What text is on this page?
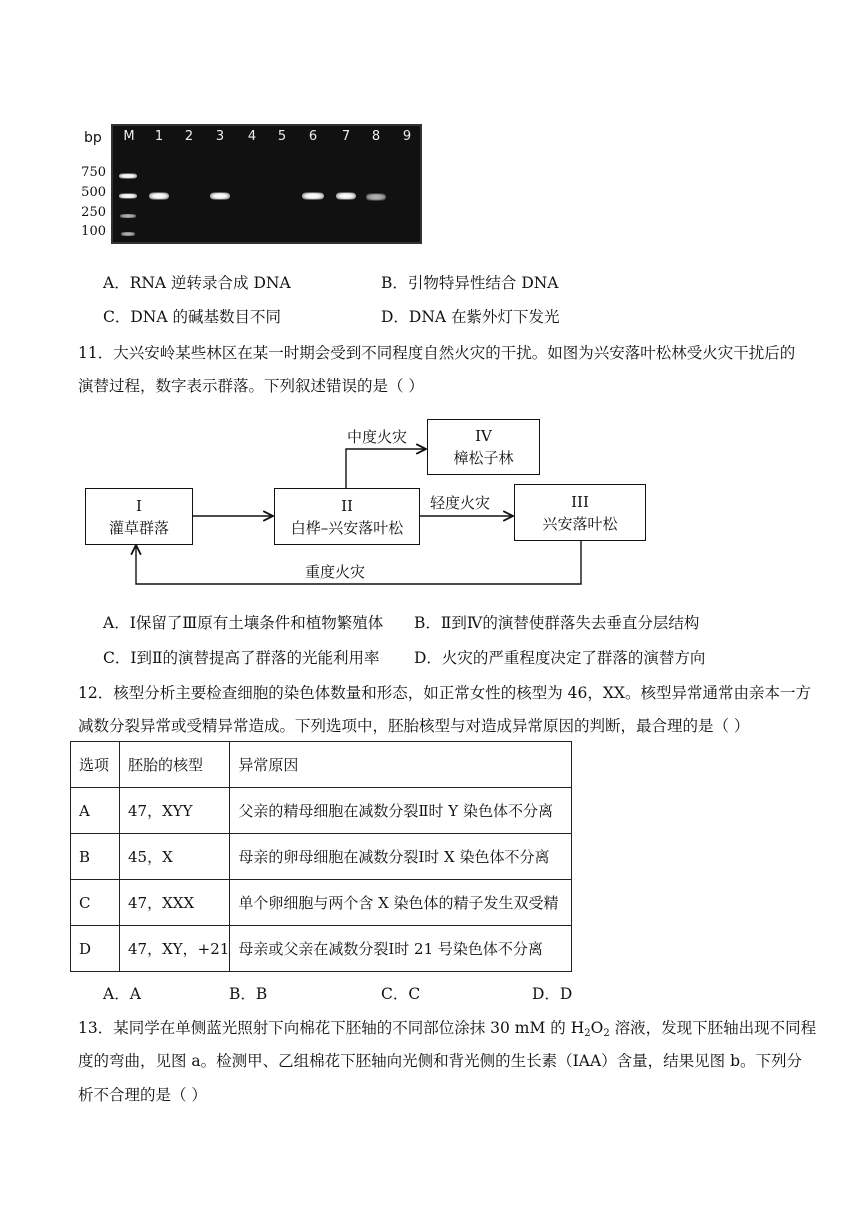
bp
750
500
250
100
M 1 2 3 4 5 6 7 8 9
A．RNA 逆转录合成 DNA	B．引物特异性结合 DNA
C．DNA 的碱基数目不同	D．DNA 在紫外灯下发光
11．大兴安岭某些林区在某一时期会受到不同程度自然火灾的干扰。如图为兴安落叶松林受火灾干扰后的
演替过程，数字表示群落。下列叙述错误的是（ ）
I
灌草群落
II
白桦–兴安落叶松
III
兴安落叶松
IV
樟松子林
中度火灾
轻度火灾
重度火灾
A．Ⅰ保留了Ⅲ原有土壤条件和植物繁殖体 B．Ⅱ到Ⅳ的演替使群落失去垂直分层结构
C．Ⅰ到Ⅱ的演替提高了群落的光能利用率 D．火灾的严重程度决定了群落的演替方向
12．核型分析主要检查细胞的染色体数量和形态，如正常女性的核型为 46，XX。核型异常通常由亲本一方
减数分裂异常或受精异常造成。下列选项中，胚胎核型与对造成异常原因的判断，最合理的是（ ）
选项	胚胎的核型	异常原因
A	47，XYY	父亲的精母细胞在减数分裂Ⅱ时 Y 染色体不分离
B	45，X	母亲的卵母细胞在减数分裂Ⅰ时 X 染色体不分离
C	47，XXX	单个卵细胞与两个含 X 染色体的精子发生双受精
D	47，XY，+21	母亲或父亲在减数分裂Ⅰ时 21 号染色体不分离
A．A	B．B	C．C	D．D
13．某同学在单侧蓝光照射下向棉花下胚轴的不同部位涂抹 30 mM 的 $H_2O_2$ 溶液，发现下胚轴出现不同程
度的弯曲，见图 a。检测甲、乙组棉花下胚轴向光侧和背光侧的生长素（IAA）含量，结果见图 b。下列分
析不合理的是（ ）
